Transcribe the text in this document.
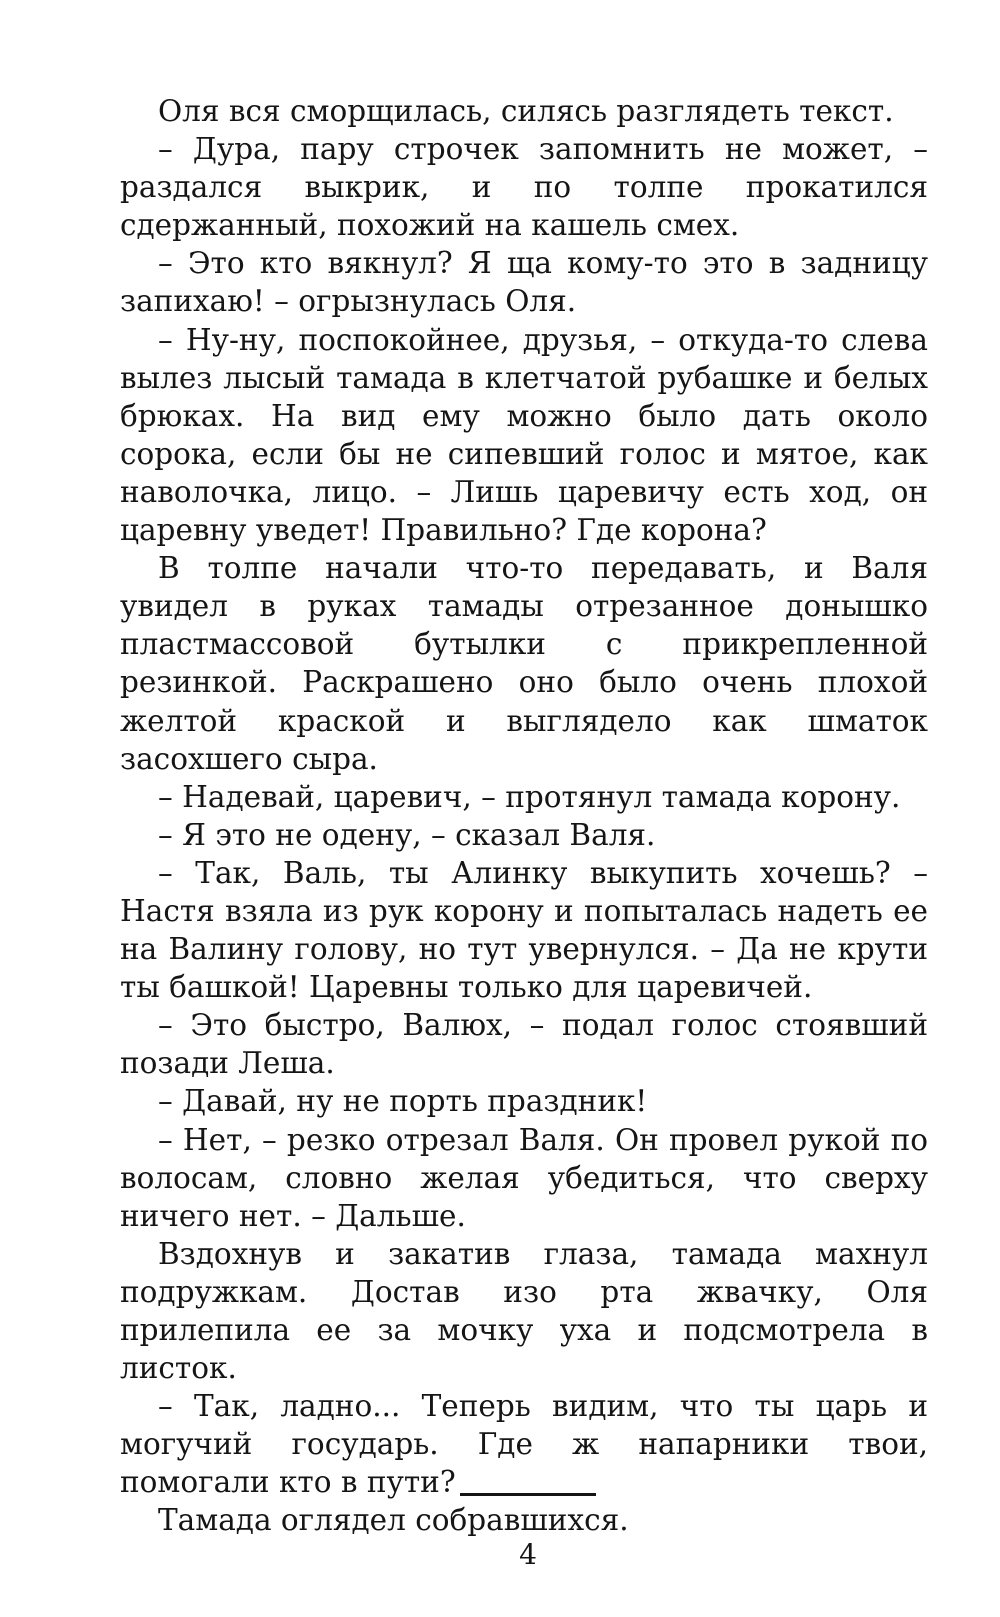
Оля вся сморщилась, силясь разглядеть текст.

– Дура, пару строчек запомнить не может, – раздался выкрик, и по толпе прокатился сдержанный, похожий на кашель смех.

– Это кто вякнул? Я ща кому-то это в задницу запихаю! – огрызнулась Оля.

– Ну-ну, поспокойнее, друзья, – откуда-то слева вылез лысый тамада в клетчатой рубашке и белых брюках. На вид ему можно было дать около сорока, если бы не сипевший голос и мятое, как наволочка, лицо. – Лишь царевичу есть ход, он царевну уведет! Правильно? Где корона?

В толпе начали что-то передавать, и Валя увидел в руках тамады отрезанное донышко пластмассовой бутылки с прикрепленной резинкой. Раскрашено оно было очень плохой желтой краской и выглядело как шматок засохшего сыра.

– Надевай, царевич, – протянул тамада корону.

– Я это не одену, – сказал Валя.

– Так, Валь, ты Алинку выкупить хочешь? – Настя взяла из рук корону и попыталась надеть ее на Валину голову, но тут увернулся. – Да не крути ты башкой! Царевны только для царевичей.

– Это быстро, Валюх, – подал голос стоявший позади Леша.

– Давай, ну не порть праздник!

– Нет, – резко отрезал Валя. Он провел рукой по волосам, словно желая убедиться, что сверху ничего нет. – Дальше.

Вздохнув и закатив глаза, тамада махнул подружкам. Достав изо рта жвачку, Оля прилепила ее за мочку уха и подсмотрела в листок.

– Так, ладно... Теперь видим, что ты царь и могучий государь. Где ж напарники твои, помогали кто в пути?

Тамада оглядел собравшихся.

4
